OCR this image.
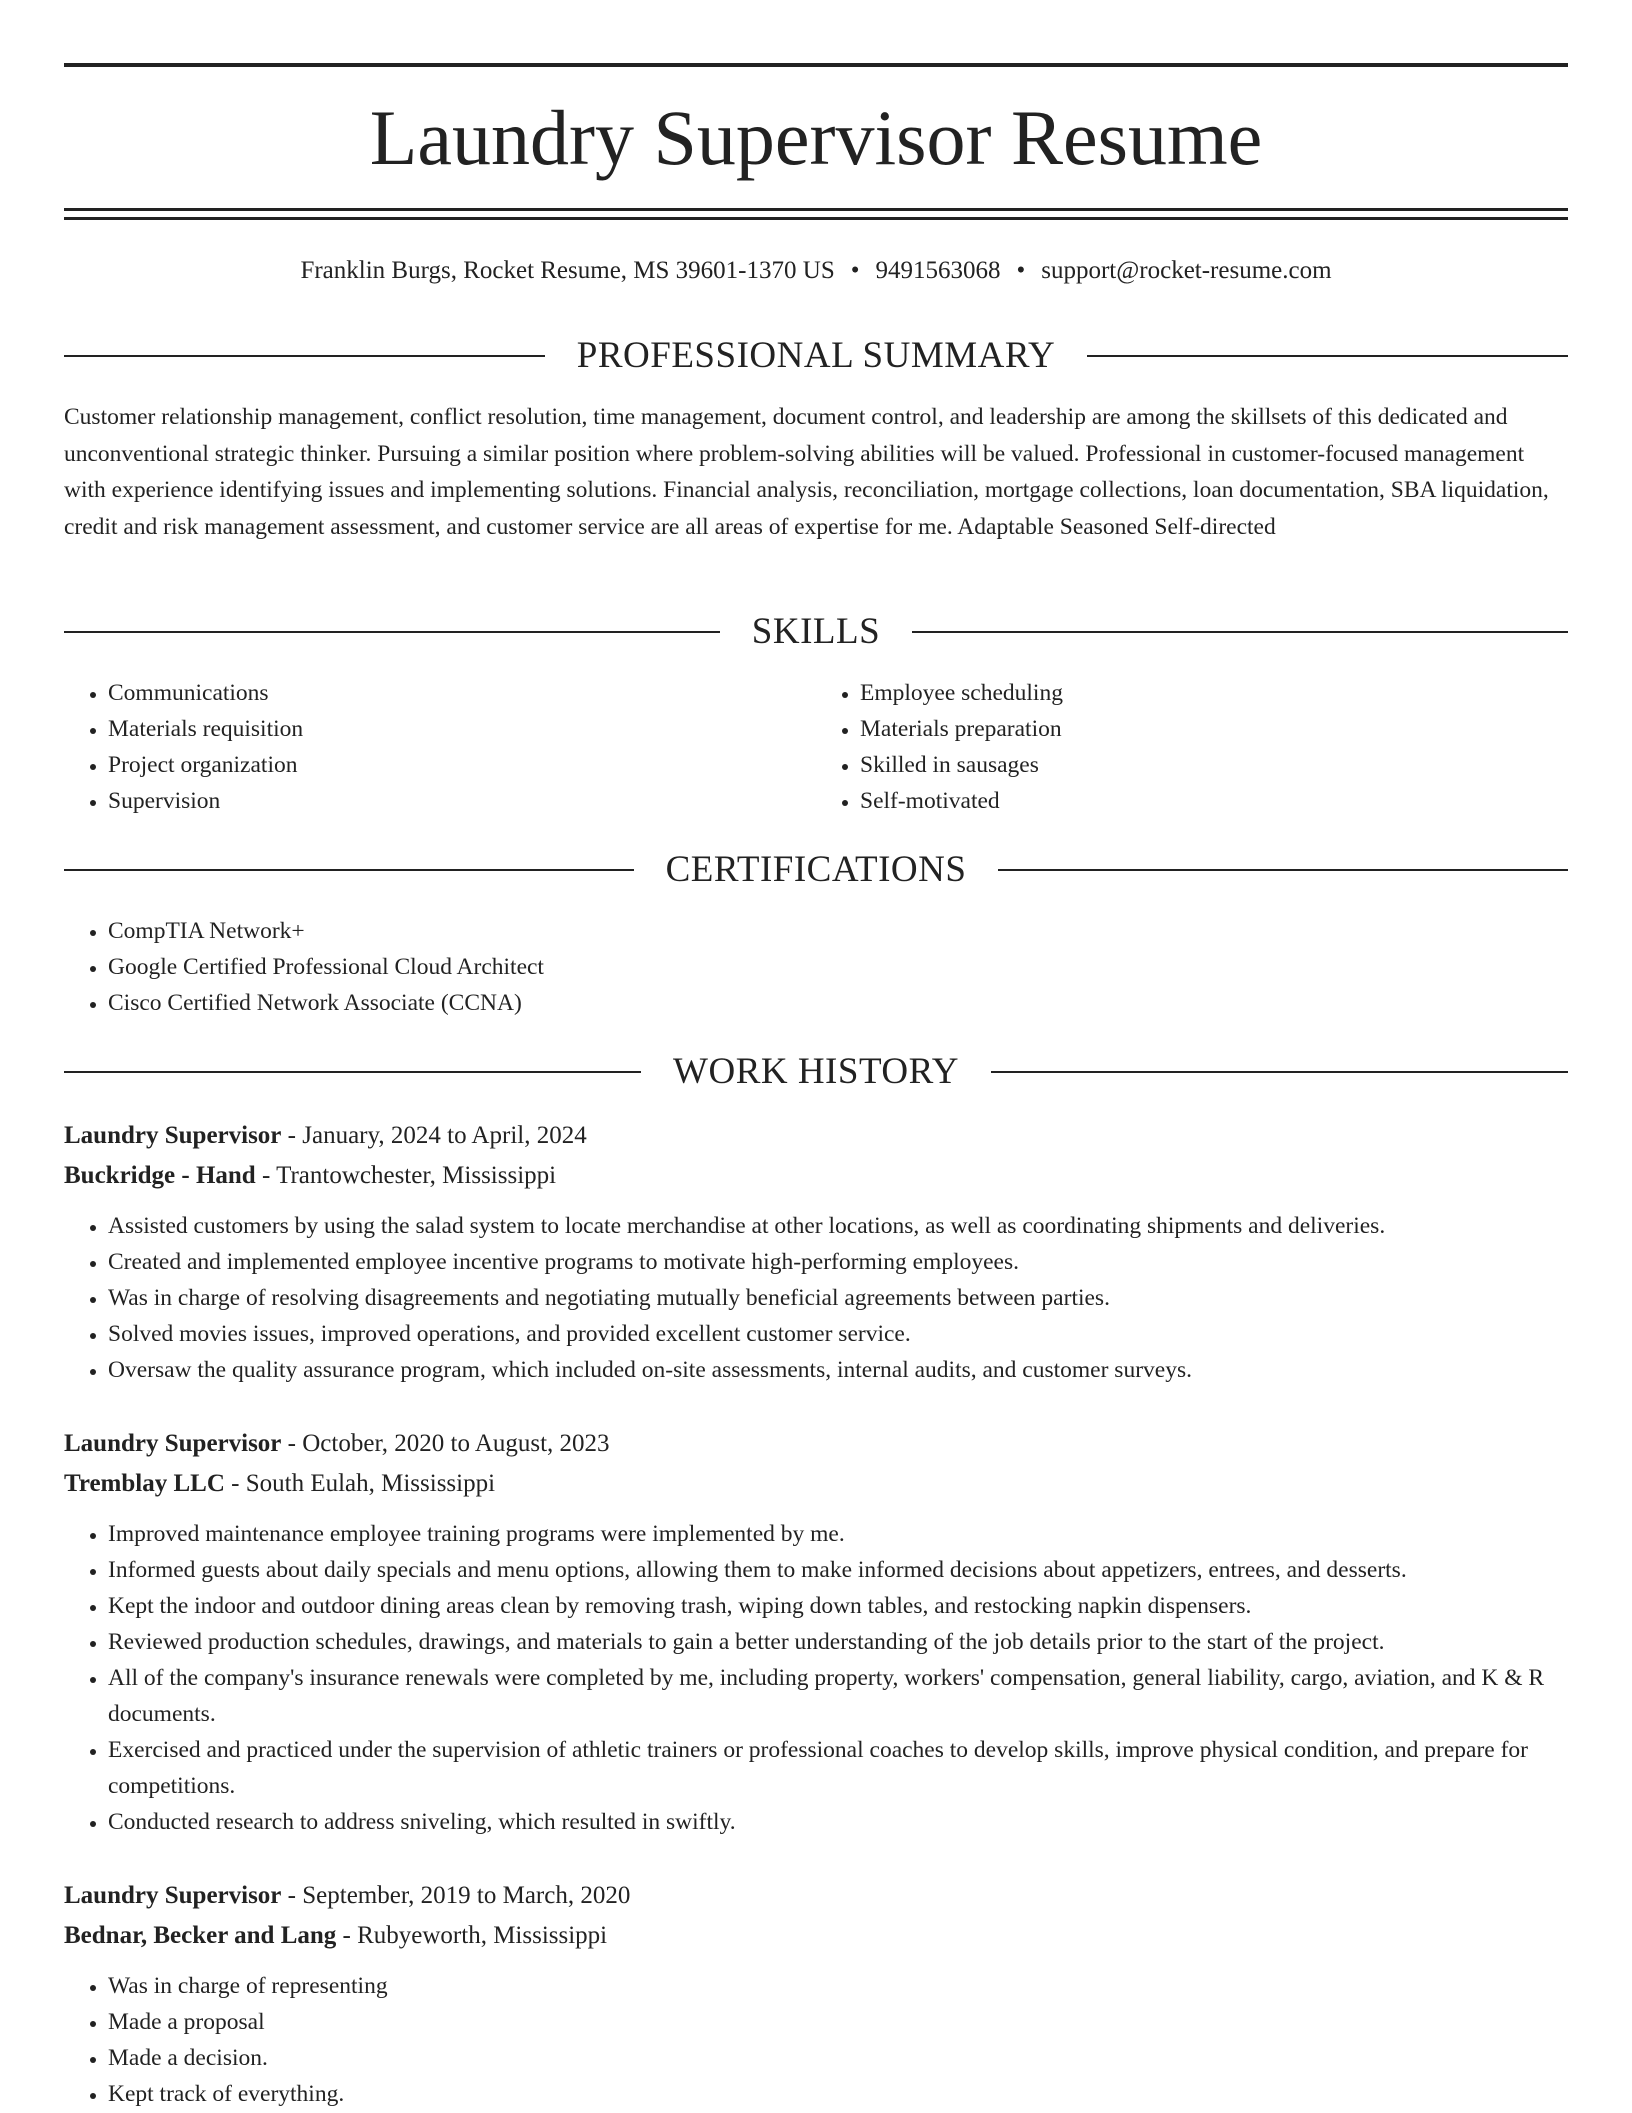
Laundry Supervisor Resume
Franklin Burgs, Rocket Resume, MS 39601-1370 US • 9491563068 • support@rocket-resume.com
PROFESSIONAL SUMMARY

Customer relationship management, conflict resolution, time management, document control, and leadership are among the skillsets of this dedicated and unconventional strategic thinker. Pursuing a similar position where problem-solving abilities will be valued. Professional in customer-focused management with experience identifying issues and implementing solutions. Financial analysis, reconciliation, mortgage collections, loan documentation, SBA liquidation, credit and risk management assessment, and customer service are all areas of expertise for me. Adaptable Seasoned Self-directed

SKILLS
• Communications
• Materials requisition
• Project organization
• Supervision
• Employee scheduling
• Materials preparation
• Skilled in sausages
• Self-motivated
CERTIFICATIONS
• CompTIA Network+
• Google Certified Professional Cloud Architect
• Cisco Certified Network Associate (CCNA)
WORK HISTORY
Laundry Supervisor - January, 2024 to April, 2024
Buckridge - Hand - Trantowchester, Mississippi
• Assisted customers by using the salad system to locate merchandise at other locations, as well as coordinating shipments and deliveries.
• Created and implemented employee incentive programs to motivate high-performing employees.
• Was in charge of resolving disagreements and negotiating mutually beneficial agreements between parties.
• Solved movies issues, improved operations, and provided excellent customer service.
• Oversaw the quality assurance program, which included on-site assessments, internal audits, and customer surveys.
Laundry Supervisor - October, 2020 to August, 2023
Tremblay LLC - South Eulah, Mississippi
• Improved maintenance employee training programs were implemented by me.
• Informed guests about daily specials and menu options, allowing them to make informed decisions about appetizers, entrees, and desserts.
• Kept the indoor and outdoor dining areas clean by removing trash, wiping down tables, and restocking napkin dispensers.
• Reviewed production schedules, drawings, and materials to gain a better understanding of the job details prior to the start of the project.
• All of the company's insurance renewals were completed by me, including property, workers' compensation, general liability, cargo, aviation, and K & R documents.
• Exercised and practiced under the supervision of athletic trainers or professional coaches to develop skills, improve physical condition, and prepare for competitions.
• Conducted research to address sniveling, which resulted in swiftly.
Laundry Supervisor - September, 2019 to March, 2020
Bednar, Becker and Lang - Rubyeworth, Mississippi
• Was in charge of representing
• Made a proposal
• Made a decision.
• Kept track of everything.
